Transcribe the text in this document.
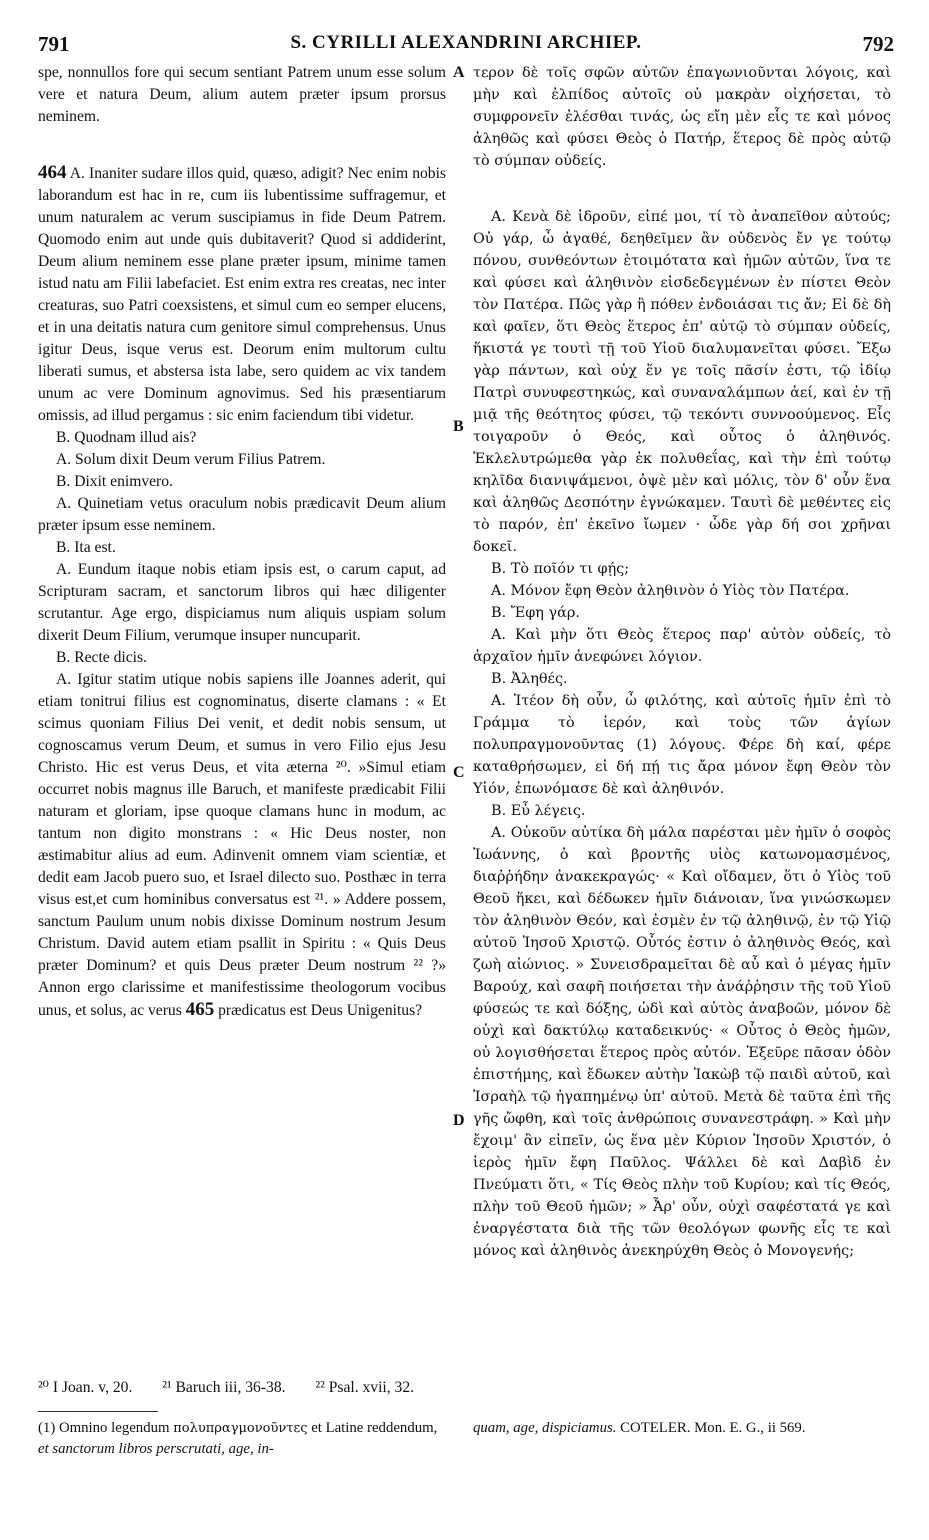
791	S. CYRILLI ALEXANDRINI ARCHIEP.	792
A
B
C
D

spe, nonnullos fore qui secum sentiant Patrem unum esse solum vere et natura Deum, alium autem præter ipsum prorsus neminem.

464 A. Inaniter sudare illos quid, quæso, adigit? Nec enim nobis laborandum est hac in re, cum iis lubentissime suffragemur, et unum naturalem ac verum suscipiamus in fide Deum Patrem. Quomodo enim aut unde quis dubitaverit? Quod si addiderint, Deum alium neminem esse plane præter ipsum, minime tamen istud natu am Filii labefaciet. Est enim extra res creatas, nec inter creaturas, suo Patri coexsistens, et simul cum eo semper elucens, et in una deitatis natura cum genitore simul comprehensus. Unus igitur Deus, isque verus est. Deorum enim multorum cultu liberati sumus, et abstersa ista labe, sero quidem ac vix tandem unum ac vere Dominum agnovimus. Sed his præsentiarum omissis, ad illud pergamus : sic enim faciendum tibi videtur.

B. Quodnam illud ais?

A. Solum dixit Deum verum Filius Patrem.

B. Dixit enimvero.

A. Quinetiam vetus oraculum nobis prædicavit Deum alium præter ipsum esse neminem.

B. Ita est.

A. Eundum itaque nobis etiam ipsis est, o carum caput, ad Scripturam sacram, et sanctorum libros qui hæc diligenter scrutantur. Age ergo, dispiciamus num aliquis uspiam solum dixerit Deum Filium, verumque insuper nuncuparit.

B. Recte dicis.

A. Igitur statim utique nobis sapiens ille Joannes aderit, qui etiam tonitrui filius est cognominatus, diserte clamans : « Et scimus quoniam Filius Dei venit, et dedit nobis sensum, ut cognoscamus verum Deum, et sumus in vero Filio ejus Jesu Christo. Hic est verus Deus, et vita æterna ²⁰. »Simul etiam occurret nobis magnus ille Baruch, et manifeste prædicabit Filii naturam et gloriam, ipse quoque clamans hunc in modum, ac tantum non digito monstrans : « Hic Deus noster, non æstimabitur alius ad eum. Adinvenit omnem viam scientiæ, et dedit eam Jacob puero suo, et Israel dilecto suo. Posthæc in terra visus est,et cum hominibus conversatus est ²¹. » Addere possem, sanctum Paulum unum nobis dixisse Dominum nostrum Jesum Christum. David autem etiam psallit in Spiritu : « Quis Deus præter Dominum? et quis Deus præter Deum nostrum ²² ?» Annon ergo clarissime et manifestissime theologorum vocibus unus, et solus, ac verus 465 prædicatus est Deus Unigenitus?

τερον δὲ τοῖς σφῶν αὐτῶν ἐπαγωνιοῦνται λόγοις, καὶ μὴν καὶ ἐλπίδος αὐτοῖς οὐ μακρὰν οἰχήσεται, τὸ συμφρονεῖν ἐλέσθαι τινάς, ὡς εἴη μὲν εἷς τε καὶ μόνος ἀληθῶς καὶ φύσει Θεὸς ὁ Πατήρ, ἕτερος δὲ πρὸς αὐτῷ τὸ σύμπαν οὐδείς.

Α. Κενὰ δὲ ἱδροῦν, εἰπέ μοι, τί τὸ ἀναπεῖθον αὐτούς; Οὐ γάρ, ὦ ἀγαθέ, δεηθεῖμεν ἂν οὐδενὸς ἔν γε τούτῳ πόνου, συνθεόντων ἑτοιμότατα καὶ ἡμῶν αὐτῶν, ἵνα τε καὶ φύσει καὶ ἀληθινὸν εἰσδεδεγμένων ἐν πίστει Θεὸν τὸν Πατέρα. Πῶς γὰρ ἢ πόθεν ἐνδοιάσαι τις ἄν; Εἰ δὲ δὴ καὶ φαῖεν, ὅτι Θεὸς ἕτερος ἐπ' αὐτῷ τὸ σύμπαν οὐδείς, ἥκιστά γε τουτὶ τῇ τοῦ Υἱοῦ διαλυμανεῖται φύσει. Ἔξω γὰρ πάντων, καὶ οὐχ ἕν γε τοῖς πᾶσίν ἐστι, τῷ ἰδίῳ Πατρὶ συνυφεστηκώς, καὶ συναναλάμπων ἀεί, καὶ ἐν τῇ μιᾷ τῆς θεότητος φύσει, τῷ τεκόντι συννοούμενος. Εἷς τοιγαροῦν ὁ Θεός, καὶ οὗτος ὁ ἀληθινός. Ἐκλελυτρώμεθα γὰρ ἐκ πολυθεΐας, καὶ τὴν ἐπὶ τούτῳ κηλῖδα διανιψάμενοι, ὀψὲ μὲν καὶ μόλις, τὸν δ' οὖν ἕνα καὶ ἀληθῶς Δεσπότην ἐγνώκαμεν. Ταυτὶ δὲ μεθέντες εἰς τὸ παρόν, ἐπ' ἐκεῖνο ἴωμεν · ὧδε γὰρ δή σοι χρῆναι δοκεῖ.

Β. Τὸ ποῖόν τι φῄς;

Α. Μόνον ἔφη Θεὸν ἀληθινὸν ὁ Υἱὸς τὸν Πατέρα.

Β. Ἔφη γάρ.

Α. Καὶ μὴν ὅτι Θεὸς ἕτερος παρ' αὐτὸν οὐδείς, τὸ ἀρχαῖον ἡμῖν ἀνεφώνει λόγιον.

Β. Ἀληθές.

Α. Ἰτέον δὴ οὖν, ὦ φιλότης, καὶ αὐτοῖς ἡμῖν ἐπὶ τὸ Γράμμα τὸ ἱερόν, καὶ τοὺς τῶν ἁγίων πολυπραγμονοῦντας (1) λόγους. Φέρε δὴ καί, φέρε καταθρήσωμεν, εἰ δή πῄ τις ἄρα μόνον ἔφη Θεὸν τὸν Υἱόν, ἐπωνόμασε δὲ καὶ ἀληθινόν.

Β. Εὖ λέγεις.

Α. Οὐκοῦν αὐτίκα δὴ μάλα παρέσται μὲν ἡμῖν ὁ σοφὸς Ἰωάννης, ὁ καὶ βροντῆς υἱὸς κατωνομασμένος, διαῤῥήδην ἀνακεκραγώς· « Καὶ οἴδαμεν, ὅτι ὁ Υἱὸς τοῦ Θεοῦ ἥκει, καὶ δέδωκεν ἡμῖν διάνοιαν, ἵνα γινώσκωμεν τὸν ἀληθινὸν Θεόν, καὶ ἐσμὲν ἐν τῷ ἀληθινῷ, ἐν τῷ Υἱῷ αὐτοῦ Ἰησοῦ Χριστῷ. Οὗτός ἐστιν ὁ ἀληθινὸς Θεός, καὶ ζωὴ αἰώνιος. » Συνεισδραμεῖται δὲ αὖ καὶ ὁ μέγας ἡμῖν Βαρούχ, καὶ σαφῆ ποιήσεται τὴν ἀνάῤῥησιν τῆς τοῦ Υἱοῦ φύσεώς τε καὶ δόξης, ὡδὶ καὶ αὐτὸς ἀναβοῶν, μόνον δὲ οὐχὶ καὶ δακτύλῳ καταδεικνύς· « Οὗτος ὁ Θεὸς ἡμῶν, οὐ λογισθήσεται ἕτερος πρὸς αὐτόν. Ἐξεῦρε πᾶσαν ὁδὸν ἐπιστήμης, καὶ ἔδωκεν αὐτὴν Ἰακὼβ τῷ παιδὶ αὐτοῦ, καὶ Ἰσραὴλ τῷ ἠγαπημένῳ ὑπ' αὐτοῦ. Μετὰ δὲ ταῦτα ἐπὶ τῆς γῆς ὤφθη, καὶ τοῖς ἀνθρώποις συνανεστράφη. » Καὶ μὴν ἔχοιμ' ἂν εἰπεῖν, ὡς ἕνα μὲν Κύριον Ἰησοῦν Χριστόν, ὁ ἱερὸς ἡμῖν ἔφη Παῦλος. Ψάλλει δὲ καὶ Δαβὶδ ἐν Πνεύματι ὅτι, « Τίς Θεὸς πλὴν τοῦ Κυρίου; καὶ τίς Θεός, πλὴν τοῦ Θεοῦ ἡμῶν; » Ἆρ' οὖν, οὐχὶ σαφέστατά γε καὶ ἐναργέστατα διὰ τῆς τῶν θεολόγων φωνῆς εἷς τε καὶ μόνος καὶ ἀληθινὸς ἀνεκηρύχθη Θεὸς ὁ Μονογενής;

²⁰ I Joan. v, 20. ²¹ Baruch iii, 36-38. ²² Psal. xvii, 32.
(1) Omnino legendum πολυπραγμονοῦντες et Latine reddendum, et sanctorum libros perscrutati, age, in-
quam, age, dispiciamus. COTELER. Mon. E. G., ii 569.
